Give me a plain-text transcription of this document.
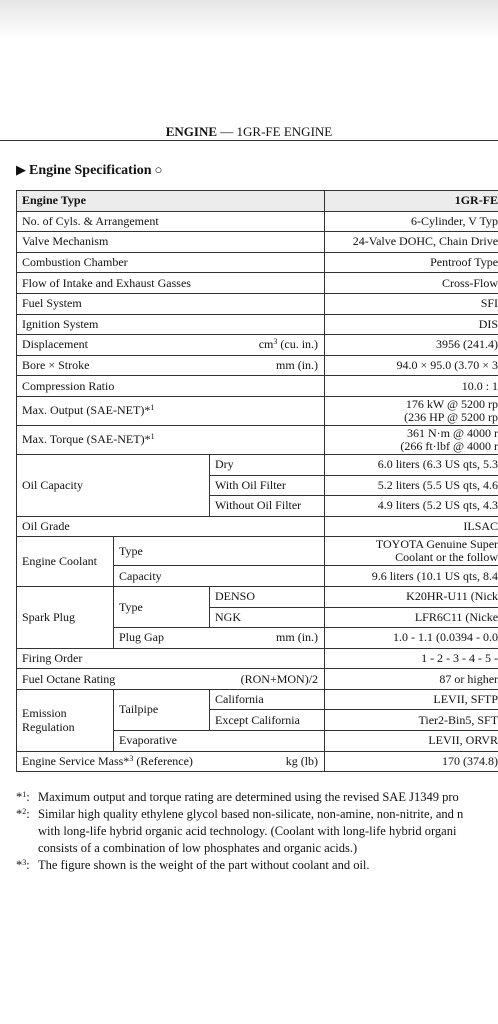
ENGINE — 1GR-FE ENGINE
▶ Engine Specification ○
Engine Type				1GR-FE
No. of Cyls. & Arrangement				6-Cylinder, V Typ
Valve Mechanism				24-Valve DOHC, Chain Drive
Combustion Chamber				Pentroof Type
Flow of Intake and Exhaust Gasses				Cross-Flow
Fuel System				SFI
Ignition System				DIS
Displacement		$cm^3$ (cu. in.)		3956 (241.4)
Bore × Stroke		mm (in.)		94.0 × 95.0 (3.70 × 3
Compression Ratio				10.0 : 1
Max. Output (SAE-NET)*$^1$				176 kW @ 5200 rp
(236 HP @ 5200 rp

Max. Torque (SAE-NET)*$^1$				361 N·m @ 4000 r
(266 ft·lbf @ 4000 r

Oil Capacity			Dry	6.0 liters (6.3 US qts, 5.3
			With Oil Filter	5.2 liters (5.5 US qts, 4.6
			Without Oil Filter	4.9 liters (5.2 US qts, 4.3
Oil Grade				ILSAC
Engine Coolant	Type			TOYOTA Genuine Super
Coolant or the follow

	Capacity			9.6 liters (10.1 US qts, 8.4
Spark Plug	Type		DENSO	K20HR-U11 (Nick
			NGK	LFR6C11 (Nicke
	Plug Gap		mm (in.)	1.0 - 1.1 (0.0394 - 0.0
Firing Order				1 - 2 - 3 - 4 - 5 -
Fuel Octane Rating		(RON+MON)/2		87 or higher
Emission
Regulation	Tailpipe		California	LEVII, SFTP
			Except California	Tier2-Bin5, SFT
	Evaporative			LEVII, ORVR
Engine Service Mass*$^3$ (Reference)			kg (lb)	170 (374.8)
*$^1$: Maximum output and torque rating are determined using the revised SAE J1349 pro
*$^2$: Similar high quality ethylene glycol based non-silicate, non-amine, non-nitrite, and n
with long-life hybrid organic acid technology. (Coolant with long-life hybrid organi
consists of a combination of low phosphates and organic acids.)
*$^3$: The figure shown is the weight of the part without coolant and oil.
